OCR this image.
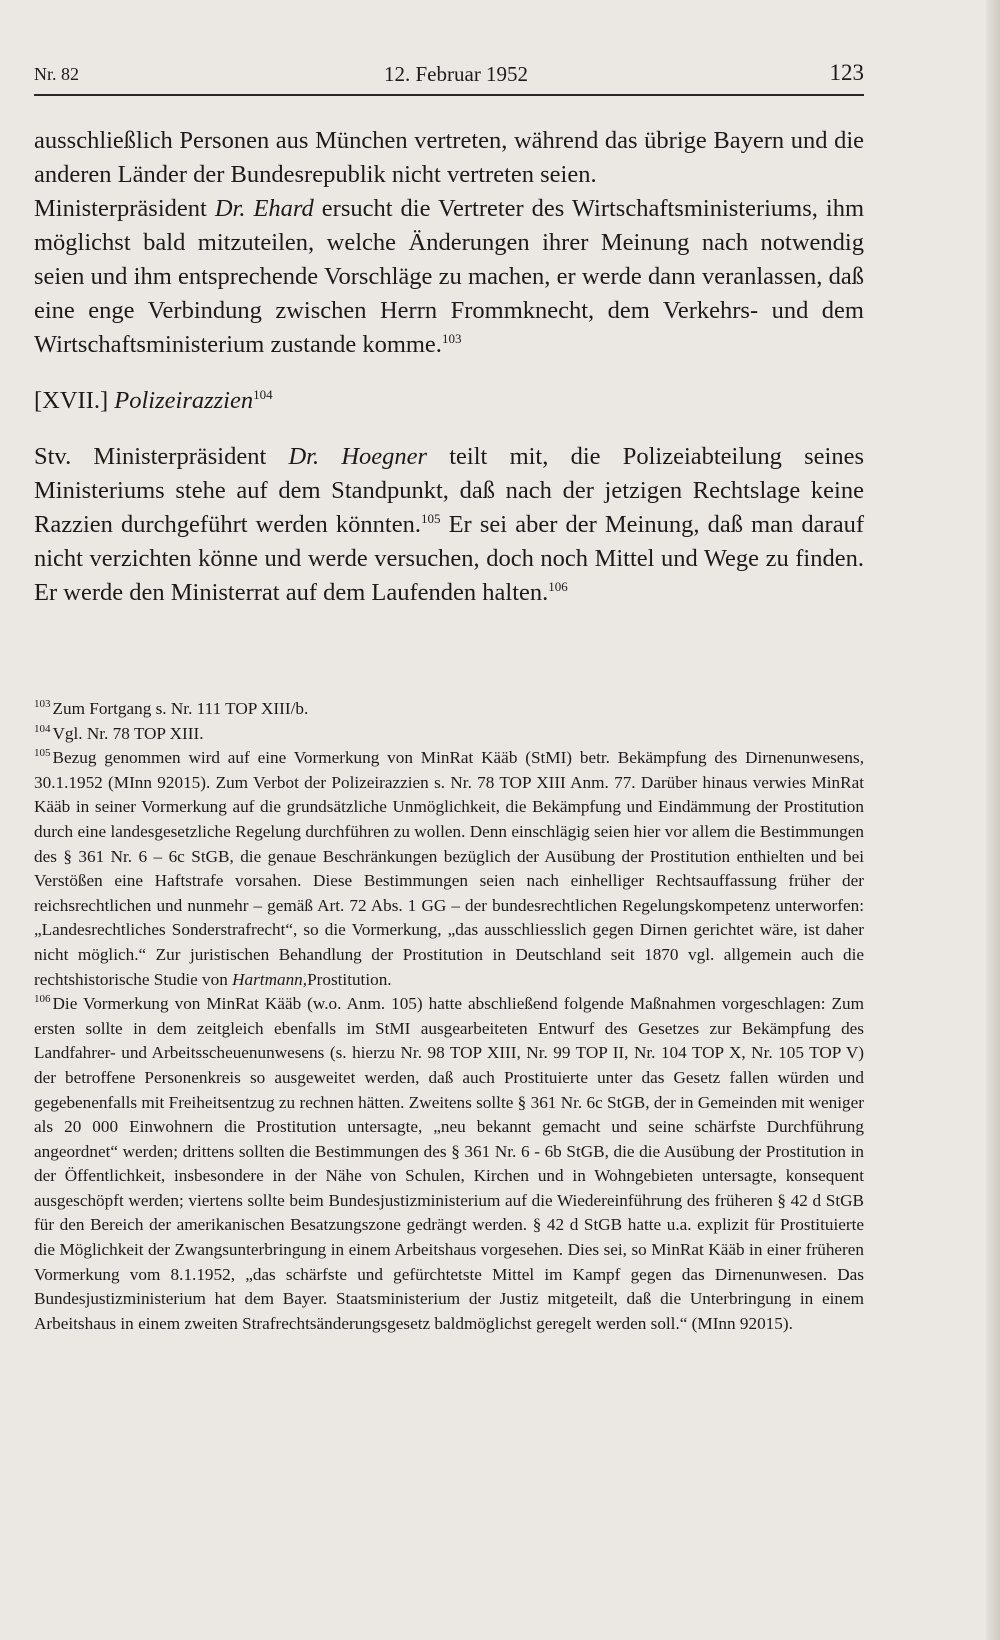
Nr. 82	12. Februar 1952	123

ausschließlich Personen aus München vertreten, während das übrige Bayern und die anderen Länder der Bundesrepublik nicht vertreten seien.

Ministerpräsident Dr. Ehard ersucht die Vertreter des Wirtschaftsministeriums, ihm möglichst bald mitzuteilen, welche Änderungen ihrer Meinung nach notwendig seien und ihm entsprechende Vorschläge zu machen, er werde dann veranlassen, daß eine enge Verbindung zwischen Herrn Frommknecht, dem Verkehrs- und dem Wirtschaftsministerium zustande komme.$^{103}$

[XVII.] Polizeirazzien$^{104}$

Stv. Ministerpräsident Dr. Hoegner teilt mit, die Polizeiabteilung seines Ministeriums stehe auf dem Standpunkt, daß nach der jetzigen Rechtslage keine Razzien durchgeführt werden könnten.$^{105}$ Er sei aber der Meinung, daß man darauf nicht verzichten könne und werde versuchen, doch noch Mittel und Wege zu finden. Er werde den Ministerrat auf dem Laufenden halten.$^{106}$

$^{103}$ Zum Fortgang s. Nr. 111 TOP XIII/b.

$^{104}$ Vgl. Nr. 78 TOP XIII.

$^{105}$ Bezug genommen wird auf eine Vormerkung von MinRat Kääb (StMI) betr. Bekämpfung des Dirnenunwesens, 30.1.1952 (MInn 92015). Zum Verbot der Polizeirazzien s. Nr. 78 TOP XIII Anm. 77. Darüber hinaus verwies MinRat Kääb in seiner Vormerkung auf die grundsätzliche Unmöglichkeit, die Bekämpfung und Eindämmung der Prostitution durch eine landesgesetzliche Regelung durchführen zu wollen. Denn einschlägig seien hier vor allem die Bestimmungen des § 361 Nr. 6 – 6c StGB, die genaue Beschränkungen bezüglich der Ausübung der Prostitution enthielten und bei Verstößen eine Haftstrafe vorsahen. Diese Bestimmungen seien nach einhelliger Rechtsauffassung früher der reichsrechtlichen und nunmehr – gemäß Art. 72 Abs. 1 GG – der bundesrechtlichen Regelungskompetenz unterworfen: „Landesrechtliches Sonderstrafrecht“, so die Vormerkung, „das ausschliesslich gegen Dirnen gerichtet wäre, ist daher nicht möglich.“ Zur juristischen Behandlung der Prostitution in Deutschland seit 1870 vgl. allgemein auch die rechtshistorische Studie von Hartmann,Prostitution.

$^{106}$ Die Vormerkung von MinRat Kääb (w.o. Anm. 105) hatte abschließend folgende Maßnahmen vorgeschlagen: Zum ersten sollte in dem zeitgleich ebenfalls im StMI ausgearbeiteten Entwurf des Gesetzes zur Bekämpfung des Landfahrer- und Arbeitsscheuenunwesens (s. hierzu Nr. 98 TOP XIII, Nr. 99 TOP II, Nr. 104 TOP X, Nr. 105 TOP V) der betroffene Personenkreis so ausgeweitet werden, daß auch Prostituierte unter das Gesetz fallen würden und gegebenenfalls mit Freiheitsentzug zu rechnen hätten. Zweitens sollte § 361 Nr. 6c StGB, der in Gemeinden mit weniger als 20 000 Einwohnern die Prostitution untersagte, „neu bekannt gemacht und seine schärfste Durchführung angeordnet“ werden; drittens sollten die Bestimmungen des § 361 Nr. 6 - 6b StGB, die die Ausübung der Prostitution in der Öffentlichkeit, insbesondere in der Nähe von Schulen, Kirchen und in Wohngebieten untersagte, konsequent ausgeschöpft werden; viertens sollte beim Bundesjustizministerium auf die Wiedereinführung des früheren § 42 d StGB für den Bereich der amerikanischen Besatzungszone gedrängt werden. § 42 d StGB hatte u.a. explizit für Prostituierte die Möglichkeit der Zwangsunterbringung in einem Arbeitshaus vorgesehen. Dies sei, so MinRat Kääb in einer früheren Vormerkung vom 8.1.1952, „das schärfste und gefürchtetste Mittel im Kampf gegen das Dirnenunwesen. Das Bundesjustizministerium hat dem Bayer. Staatsministerium der Justiz mitgeteilt, daß die Unterbringung in einem Arbeitshaus in einem zweiten Strafrechtsänderungsgesetz baldmöglichst geregelt werden soll.“ (MInn 92015).
